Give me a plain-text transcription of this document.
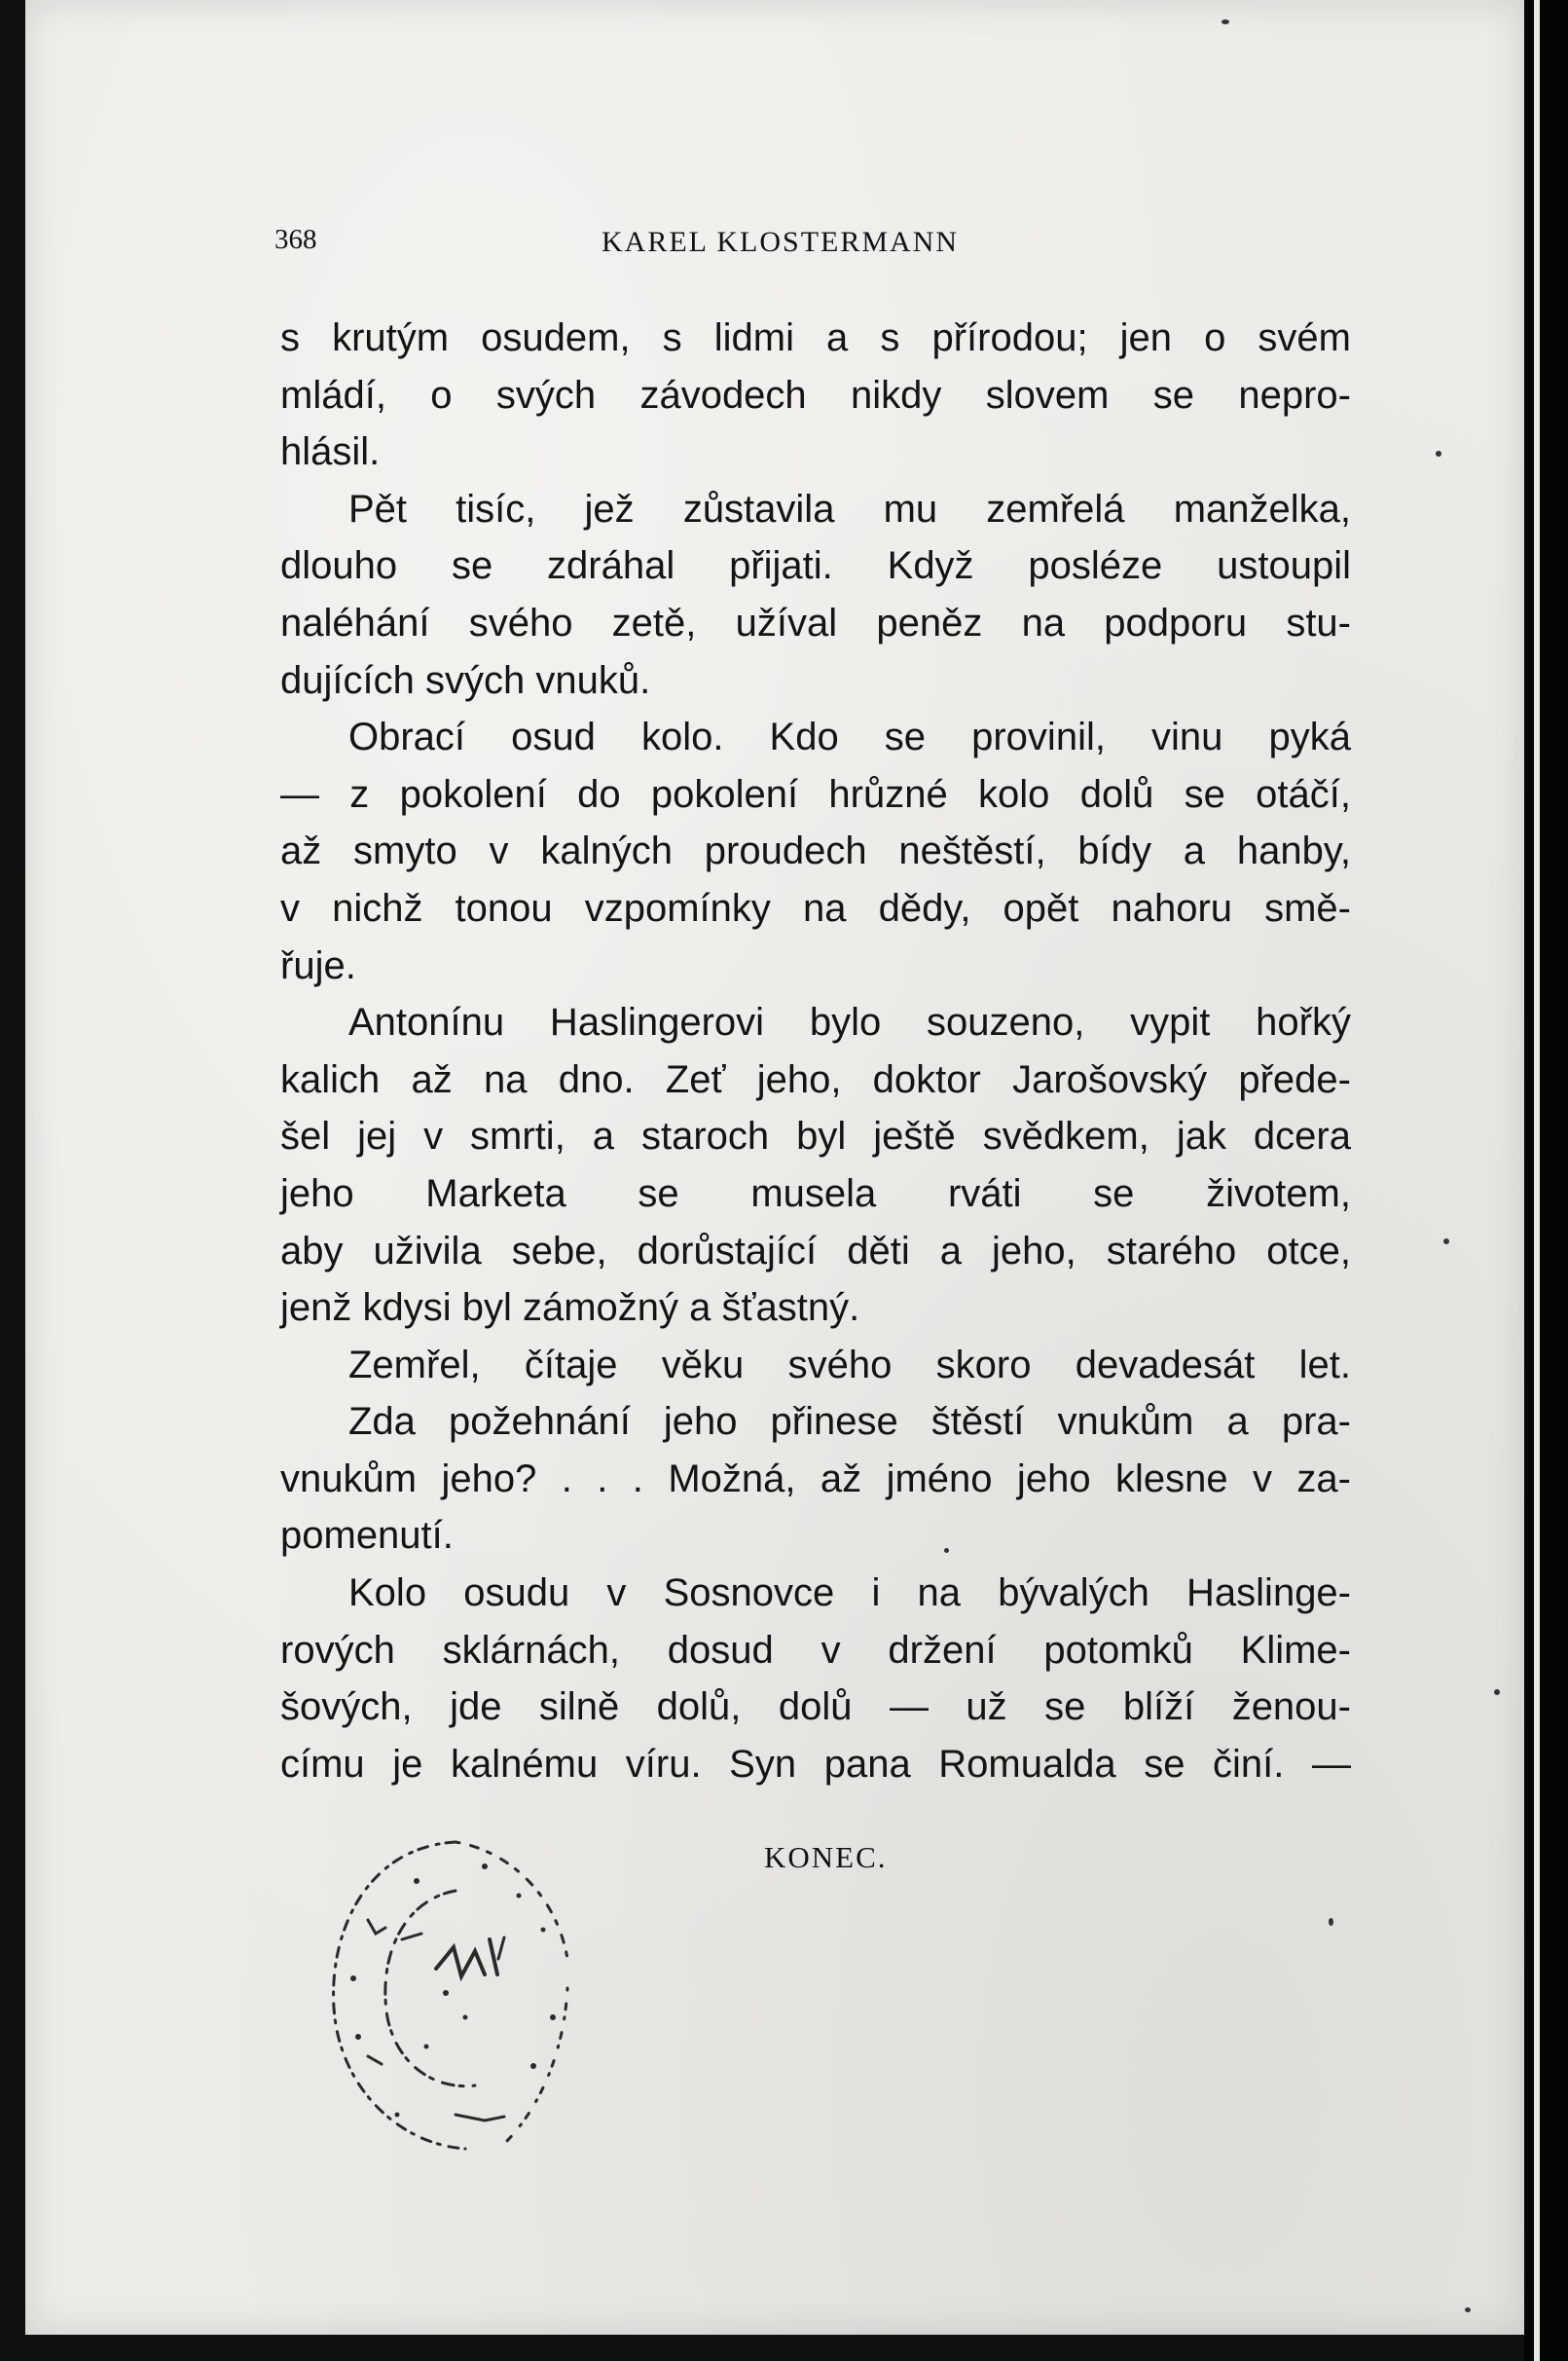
368	KAREL KLOSTERMANN
s krutým osudem, s lidmi a s přírodou; jen o svém
mládí, o svých závodech nikdy slovem se nepro-
hlásil.
Pět tisíc, jež zůstavila mu zemřelá manželka,
dlouho se zdráhal přijati. Když posléze ustoupil
naléhání svého zetě, užíval peněz na podporu stu-
dujících svých vnuků.
Obrací osud kolo. Kdo se provinil, vinu pyká
— z pokolení do pokolení hrůzné kolo dolů se otáčí,
až smyto v kalných proudech neštěstí, bídy a hanby,
v nichž tonou vzpomínky na dědy, opět nahoru smě-
řuje.
Antonínu Haslingerovi bylo souzeno, vypit hořký
kalich až na dno. Zeť jeho, doktor Jarošovský přede-
šel jej v smrti, a staroch byl ještě svědkem, jak dcera
jeho Marketa se musela rváti se životem,
aby uživila sebe, dorůstající děti a jeho, starého otce,
jenž kdysi byl zámožný a šťastný.
Zemřel, čítaje věku svého skoro devadesát let.
Zda požehnání jeho přinese štěstí vnukům a pra-
vnukům jeho? . . . Možná, až jméno jeho klesne v za-
pomenutí.
Kolo osudu v Sosnovce i na bývalých Haslinge-
rových sklárnách, dosud v držení potomků Klime-
šových, jde silně dolů, dolů — už se blíží ženou-
címu je kalnému víru. Syn pana Romualda se činí. —
KONEC.
